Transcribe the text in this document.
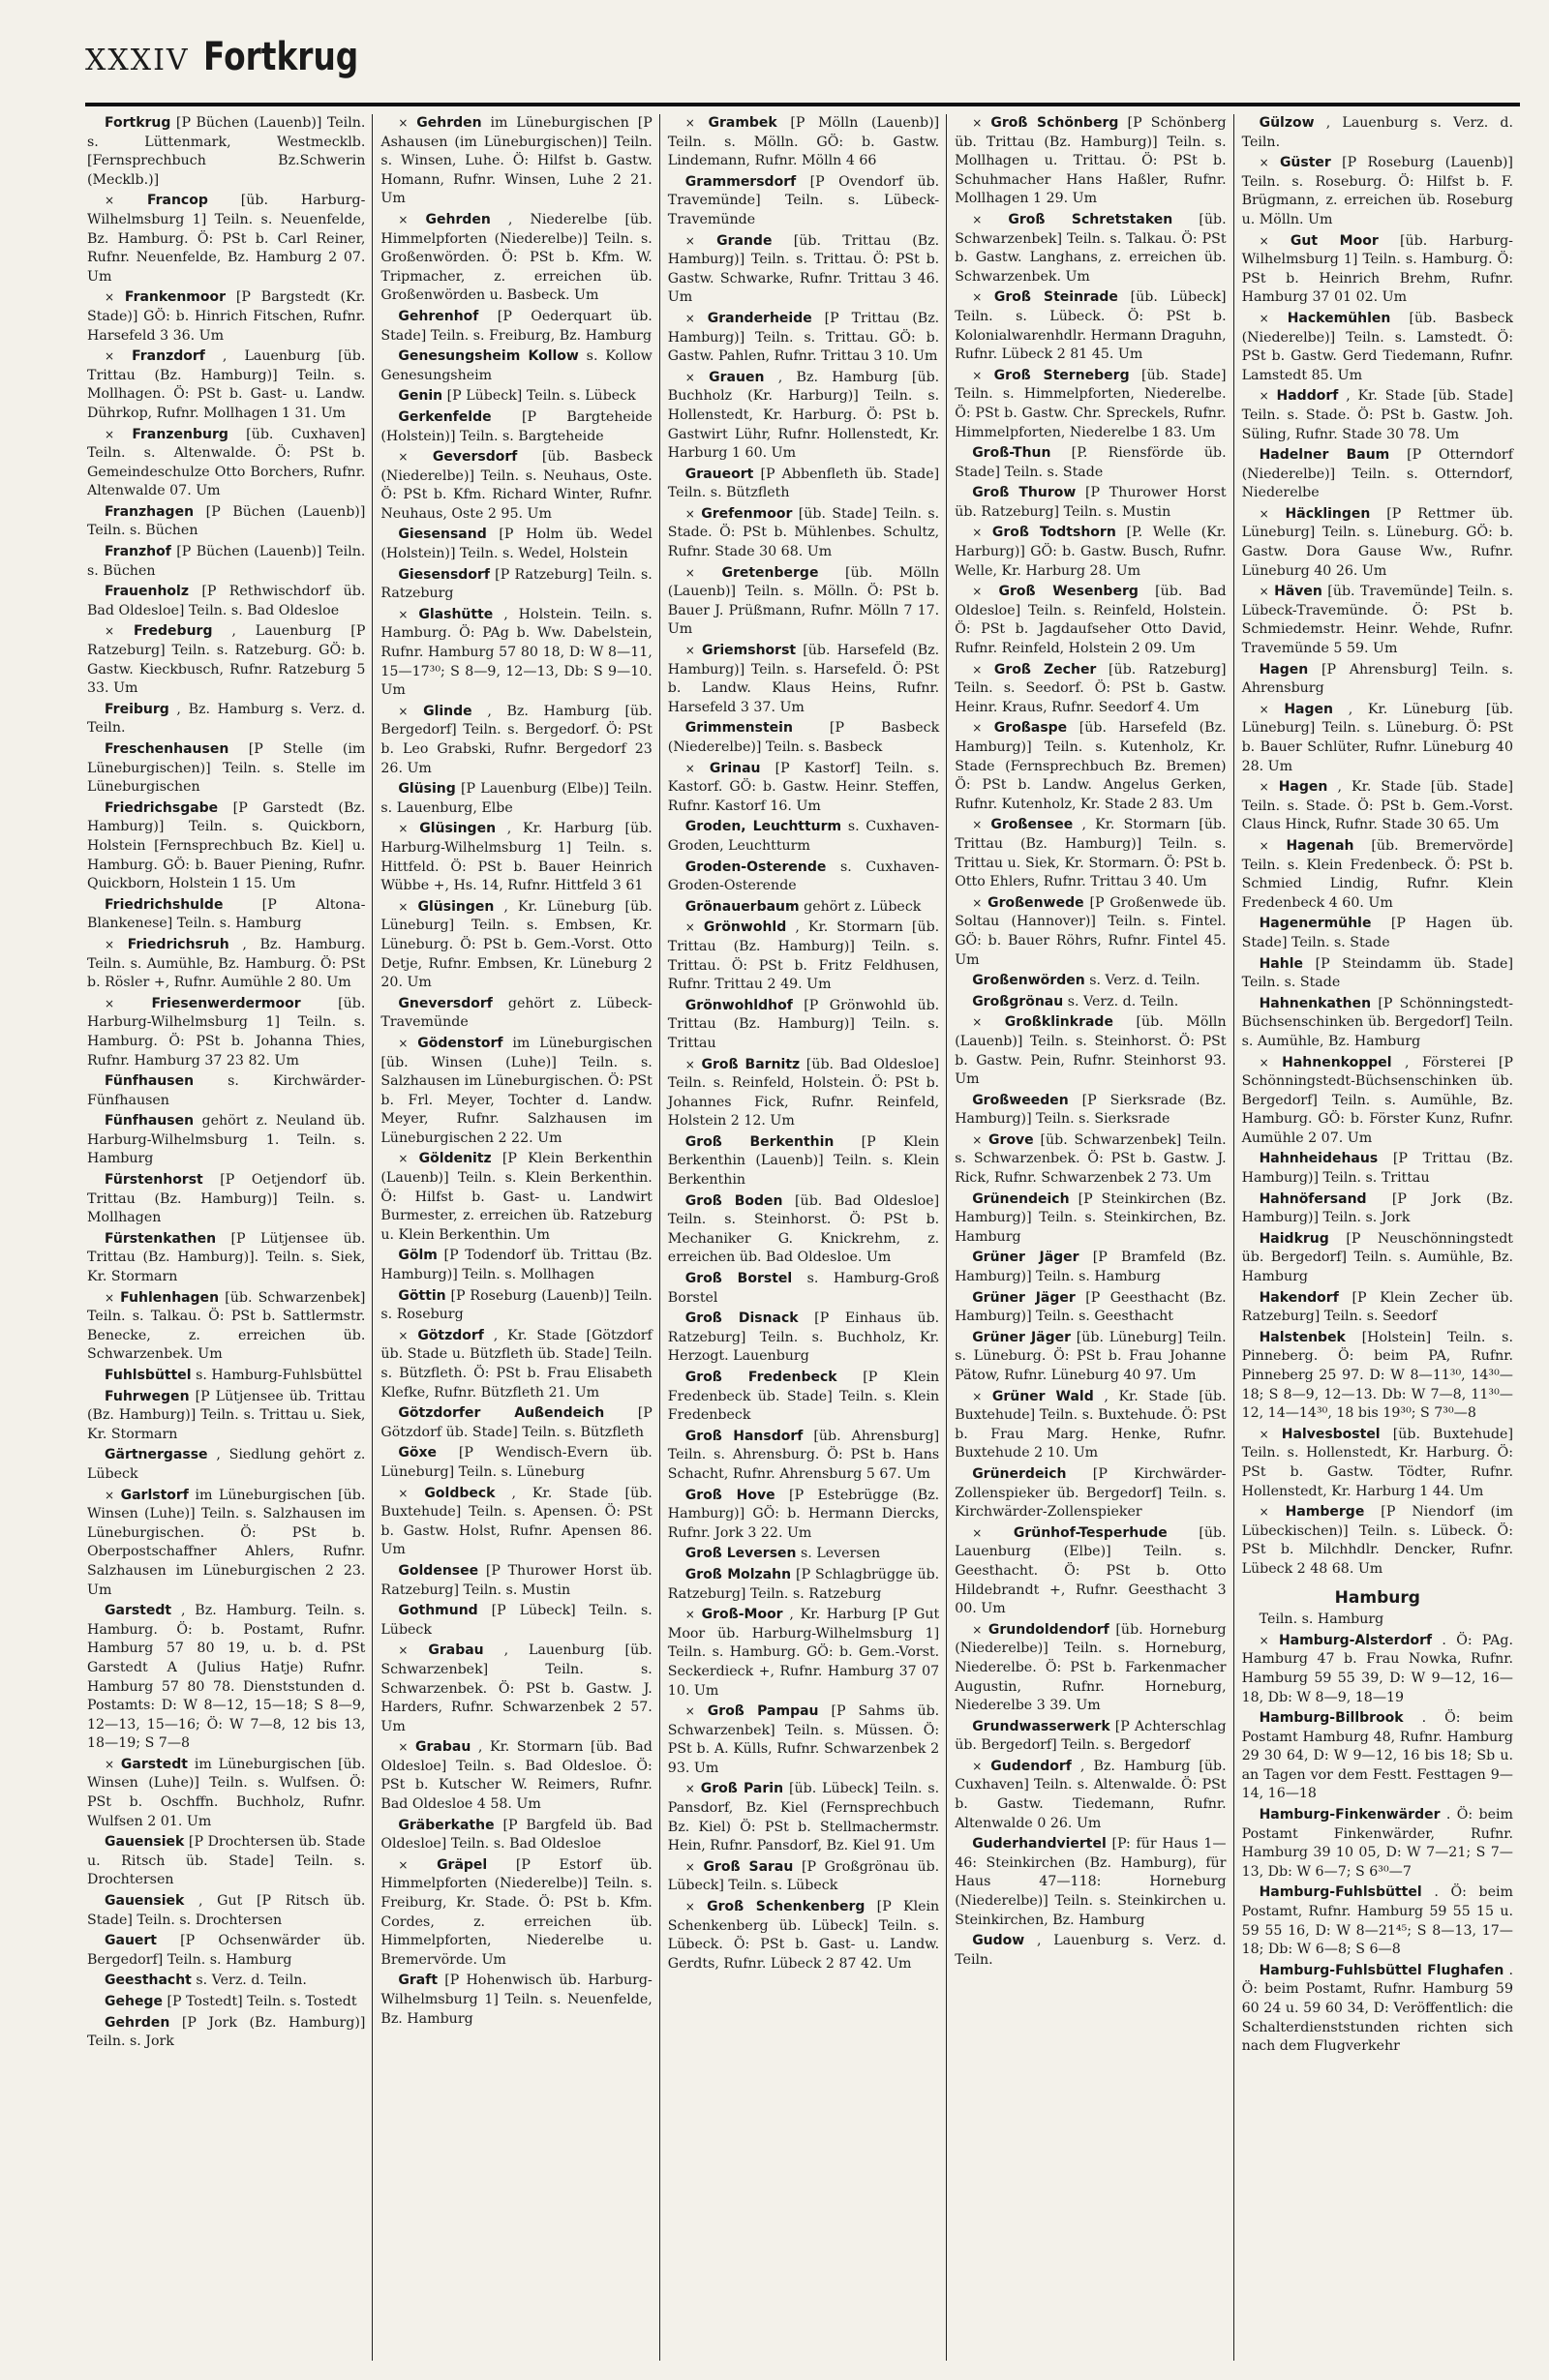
XXXIV Fortkrug

Fortkrug [P Büchen (Lauenb)] Teiln. s. Lüttenmark, Westmecklb. [Fernsprechbuch Bz.Schwerin (Mecklb.)]

× Francop [üb. Harburg-Wilhelmsburg 1] Teiln. s. Neuenfelde, Bz. Hamburg. Ö: PSt b. Carl Reiner, Rufnr. Neuenfelde, Bz. Hamburg 2 07. Um

× Frankenmoor [P Bargstedt (Kr. Stade)] GÖ: b. Hinrich Fitschen, Rufnr. Harsefeld 3 36. Um

× Franzdorf , Lauenburg [üb. Trittau (Bz. Hamburg)] Teiln. s. Mollhagen. Ö: PSt b. Gast- u. Landw. Dührkop, Rufnr. Mollhagen 1 31. Um

× Franzenburg [üb. Cuxhaven] Teiln. s. Altenwalde. Ö: PSt b. Gemeindeschulze Otto Borchers, Rufnr. Altenwalde 07. Um

Franzhagen [P Büchen (Lauenb)] Teiln. s. Büchen

Franzhof [P Büchen (Lauenb)] Teiln. s. Büchen

Frauenholz [P Rethwischdorf üb. Bad Oldesloe] Teiln. s. Bad Oldesloe

× Fredeburg , Lauenburg [P Ratzeburg] Teiln. s. Ratzeburg. GÖ: b. Gastw. Kieckbusch, Rufnr. Ratzeburg 5 33. Um

Freiburg , Bz. Hamburg s. Verz. d. Teiln.

Freschenhausen [P Stelle (im Lüneburgischen)] Teiln. s. Stelle im Lüneburgischen

Friedrichsgabe [P Garstedt (Bz. Hamburg)] Teiln. s. Quickborn, Holstein [Fernsprechbuch Bz. Kiel] u. Hamburg. GÖ: b. Bauer Piening, Rufnr. Quickborn, Holstein 1 15. Um

Friedrichshulde	[P Altona-Blankenese] Teiln. s. Hamburg

× Friedrichsruh , Bz. Hamburg. Teiln. s. Aumühle, Bz. Hamburg. Ö: PSt b. Rösler +, Rufnr. Aumühle 2 80. Um

×	Friesenwerdermoor	[üb. Harburg-Wilhelmsburg 1] Teiln. s. Hamburg. Ö: PSt b. Johanna Thies, Rufnr. Hamburg 37 23 82. Um

Fünfhausen s. Kirchwärder-Fünfhausen

Fünfhausen gehört z. Neuland üb. Harburg-Wilhelmsburg 1. Teiln. s. Hamburg

Fürstenhorst [P Oetjendorf üb. Trittau (Bz. Hamburg)] Teiln. s. Mollhagen

Fürstenkathen [P Lütjensee üb. Trittau (Bz. Hamburg)]. Teiln. s. Siek, Kr. Stormarn

× Fuhlenhagen [üb. Schwarzenbek] Teiln. s. Talkau. Ö: PSt b. Sattlermstr. Benecke, z. erreichen üb. Schwarzenbek. Um

Fuhlsbüttel s. Hamburg-Fuhlsbüttel

Fuhrwegen [P Lütjensee üb. Trittau (Bz. Hamburg)] Teiln. s. Trittau u. Siek, Kr. Stormarn

Gärtnergasse , Siedlung gehört z. Lübeck

× Garlstorf im Lüneburgischen [üb. Winsen (Luhe)] Teiln. s. Salzhausen im Lüneburgischen. Ö: PSt b. Oberpostschaffner Ahlers, Rufnr. Salzhausen im Lüneburgischen 2 23. Um

Garstedt , Bz. Hamburg. Teiln. s. Hamburg. Ö: b. Postamt, Rufnr. Hamburg 57 80 19, u. b. d. PSt Garstedt A (Julius Hatje) Rufnr. Hamburg 57 80 78. Dienststunden d. Postamts: D: W 8—12, 15—18; S 8—9, 12—13, 15—16; Ö: W 7—8, 12 bis 13, 18—19; S 7—8

× Garstedt im Lüneburgischen [üb. Winsen (Luhe)] Teiln. s. Wulfsen. Ö: PSt b. Oschffn. Buchholz, Rufnr. Wulfsen 2 01. Um

Gauensiek [P Drochtersen üb. Stade u. Ritsch üb. Stade] Teiln. s. Drochtersen

Gauensiek , Gut [P Ritsch üb. Stade] Teiln. s. Drochtersen

Gauert [P Ochsenwärder üb. Bergedorf] Teiln. s. Hamburg

Geesthacht s. Verz. d. Teiln.

Gehege [P Tostedt] Teiln. s. Tostedt

Gehrden [P Jork (Bz. Hamburg)] Teiln. s. Jork

× Gehrden im Lüneburgischen [P Ashausen (im Lüneburgischen)] Teiln. s. Winsen, Luhe. Ö: Hilfst b. Gastw. Homann, Rufnr. Winsen, Luhe 2 21. Um

× Gehrden , Niederelbe [üb. Himmelpforten (Niederelbe)] Teiln. s. Großenwörden. Ö: PSt b. Kfm. W. Tripmacher, z. erreichen üb. Großenwörden u. Basbeck. Um

Gehrenhof [P Oederquart üb. Stade] Teiln. s. Freiburg, Bz. Hamburg

Genesungsheim Kollow s. Kollow Genesungsheim

Genin [P Lübeck] Teiln. s. Lübeck

Gerkenfelde [P Bargteheide (Holstein)] Teiln. s. Bargteheide

× Geversdorf [üb. Basbeck (Niederelbe)] Teiln. s. Neuhaus, Oste. Ö: PSt b. Kfm. Richard Winter, Rufnr. Neuhaus, Oste 2 95. Um

Giesensand [P Holm üb. Wedel (Holstein)] Teiln. s. Wedel, Holstein

Giesensdorf [P Ratzeburg] Teiln. s. Ratzeburg

× Glashütte , Holstein. Teiln. s. Hamburg. Ö: PAg b. Ww. Dabelstein, Rufnr. Hamburg 57 80 18, D: W 8—11, 15—17³⁰; S 8—9, 12—13, Db: S 9—10. Um

× Glinde , Bz. Hamburg [üb. Bergedorf] Teiln. s. Bergedorf. Ö: PSt b. Leo Grabski, Rufnr. Bergedorf 23 26. Um

Glüsing [P Lauenburg (Elbe)] Teiln. s. Lauenburg, Elbe

× Glüsingen , Kr. Harburg [üb. Harburg-Wilhelmsburg 1] Teiln. s. Hittfeld. Ö: PSt b. Bauer Heinrich Wübbe +, Hs. 14, Rufnr. Hittfeld 3 61

× Glüsingen , Kr. Lüneburg [üb. Lüneburg] Teiln. s. Embsen, Kr. Lüneburg. Ö: PSt b. Gem.-Vorst. Otto Detje, Rufnr. Embsen, Kr. Lüneburg 2 20. Um

Gneversdorf gehört z. Lübeck-Travemünde

× Gödenstorf im Lüneburgischen [üb. Winsen (Luhe)] Teiln. s. Salzhausen im Lüneburgischen. Ö: PSt b. Frl. Meyer, Tochter d. Landw. Meyer, Rufnr. Salzhausen im Lüneburgischen 2 22. Um

× Göldenitz [P Klein Berkenthin (Lauenb)] Teiln. s. Klein Berkenthin. Ö: Hilfst b. Gast- u. Landwirt Burmester, z. erreichen üb. Ratzeburg u. Klein Berkenthin. Um

Gölm [P Todendorf üb. Trittau (Bz. Hamburg)] Teiln. s. Mollhagen

Göttin [P Roseburg (Lauenb)] Teiln. s. Roseburg

× Götzdorf , Kr. Stade [Götzdorf üb. Stade u. Bützfleth üb. Stade] Teiln. s. Bützfleth. Ö: PSt b. Frau Elisabeth Klefke, Rufnr. Bützfleth 21. Um

Götzdorfer Außendeich [P Götzdorf üb. Stade] Teiln. s. Bützfleth

Göxe [P Wendisch-Evern üb. Lüneburg] Teiln. s. Lüneburg

× Goldbeck , Kr. Stade [üb. Buxtehude] Teiln. s. Apensen. Ö: PSt b. Gastw. Holst, Rufnr. Apensen 86. Um

Goldensee [P Thurower Horst üb. Ratzeburg] Teiln. s. Mustin

Gothmund [P Lübeck] Teiln. s. Lübeck

× Grabau , Lauenburg [üb. Schwarzenbek] Teiln. s. Schwarzenbek. Ö: PSt b. Gastw. J. Harders, Rufnr. Schwarzenbek 2 57. Um

× Grabau , Kr. Stormarn [üb. Bad Oldesloe] Teiln. s. Bad Oldesloe. Ö: PSt b. Kutscher W. Reimers, Rufnr. Bad Oldesloe 4 58. Um

Gräberkathe [P Bargfeld üb. Bad Oldesloe] Teiln. s. Bad Oldesloe

× Gräpel [P Estorf üb. Himmelpforten (Niederelbe)] Teiln. s. Freiburg, Kr. Stade. Ö: PSt b. Kfm. Cordes, z. erreichen üb. Himmelpforten, Niederelbe u. Bremervörde. Um

Graft [P Hohenwisch üb. Harburg-Wilhelmsburg 1] Teiln. s. Neuenfelde, Bz. Hamburg

× Grambek [P Mölln (Lauenb)] Teiln. s. Mölln. GÖ: b. Gastw. Lindemann, Rufnr. Mölln 4 66

Grammersdorf [P Ovendorf üb. Travemünde] Teiln. s. Lübeck-Travemünde

× Grande [üb. Trittau (Bz. Hamburg)] Teiln. s. Trittau. Ö: PSt b. Gastw. Schwarke, Rufnr. Trittau 3 46. Um

× Granderheide [P Trittau (Bz. Hamburg)] Teiln. s. Trittau. GÖ: b. Gastw. Pahlen, Rufnr. Trittau 3 10. Um

× Grauen , Bz. Hamburg [üb. Buchholz (Kr. Harburg)] Teiln. s. Hollenstedt, Kr. Harburg. Ö: PSt b. Gastwirt Lühr, Rufnr. Hollenstedt, Kr. Harburg 1 60. Um

Graueort [P Abbenfleth üb. Stade] Teiln. s. Bützfleth

× Grefenmoor [üb. Stade] Teiln. s. Stade. Ö: PSt b. Mühlenbes. Schultz, Rufnr. Stade 30 68. Um

× Gretenberge [üb. Mölln (Lauenb)] Teiln. s. Mölln. Ö: PSt b. Bauer J. Prüßmann, Rufnr. Mölln 7 17. Um

× Griemshorst [üb. Harsefeld (Bz. Hamburg)] Teiln. s. Harsefeld. Ö: PSt b. Landw. Klaus Heins, Rufnr. Harsefeld 3 37. Um

Grimmenstein	[P Basbeck (Niederelbe)] Teiln. s. Basbeck

× Grinau [P Kastorf] Teiln. s. Kastorf. GÖ: b. Gastw. Heinr. Steffen, Rufnr. Kastorf 16. Um

Groden, Leuchtturm s. Cuxhaven-Groden, Leuchtturm

Groden-Osterende s. Cuxhaven-Groden-Osterende

Grönauerbaum gehört z. Lübeck

× Grönwohld , Kr. Stormarn [üb. Trittau (Bz. Hamburg)] Teiln. s. Trittau. Ö: PSt b. Fritz Feldhusen, Rufnr. Trittau 2 49. Um

Grönwohldhof [P Grönwohld üb. Trittau (Bz. Hamburg)] Teiln. s. Trittau

× Groß Barnitz [üb. Bad Oldesloe] Teiln. s. Reinfeld, Holstein. Ö: PSt b. Johannes Fick, Rufnr. Reinfeld, Holstein 2 12. Um

Groß Berkenthin [P Klein Berkenthin (Lauenb)] Teiln. s. Klein Berkenthin

Groß Boden [üb. Bad Oldesloe] Teiln. s. Steinhorst. Ö: PSt b. Mechaniker G. Knickrehm, z. erreichen üb. Bad Oldesloe. Um

Groß Borstel s. Hamburg-Groß Borstel

Groß Disnack [P Einhaus üb. Ratzeburg] Teiln. s. Buchholz, Kr. Herzogt. Lauenburg

Groß Fredenbeck [P Klein Fredenbeck üb. Stade] Teiln. s. Klein Fredenbeck

Groß Hansdorf [üb. Ahrensburg] Teiln. s. Ahrensburg. Ö: PSt b. Hans Schacht, Rufnr. Ahrensburg 5 67. Um

Groß Hove [P Estebrügge (Bz. Hamburg)] GÖ: b. Hermann Diercks, Rufnr. Jork 3 22. Um

Groß Leversen s. Leversen

Groß Molzahn [P Schlagbrügge üb. Ratzeburg] Teiln. s. Ratzeburg

× Groß-Moor , Kr. Harburg [P Gut Moor üb. Harburg-Wilhelmsburg 1] Teiln. s. Hamburg. GÖ: b. Gem.-Vorst. Seckerdieck +, Rufnr. Hamburg 37 07 10. Um

× Groß Pampau [P Sahms üb. Schwarzenbek] Teiln. s. Müssen. Ö: PSt b. A. Külls, Rufnr. Schwarzenbek 2 93. Um

× Groß Parin [üb. Lübeck] Teiln. s. Pansdorf, Bz. Kiel (Fernsprechbuch Bz. Kiel) Ö: PSt b. Stellmachermstr. Hein, Rufnr. Pansdorf, Bz. Kiel 91. Um

× Groß Sarau [P Großgrönau üb. Lübeck] Teiln. s. Lübeck

× Groß Schenkenberg [P Klein Schenkenberg üb. Lübeck] Teiln. s. Lübeck. Ö: PSt b. Gast- u. Landw. Gerdts, Rufnr. Lübeck 2 87 42. Um

× Groß Schönberg [P Schönberg üb. Trittau (Bz. Hamburg)] Teiln. s. Mollhagen u. Trittau. Ö: PSt b. Schuhmacher Hans Haßler, Rufnr. Mollhagen 1 29. Um

× Groß Schretstaken [üb. Schwarzenbek] Teiln. s. Talkau. Ö: PSt b. Gastw. Langhans, z. erreichen üb. Schwarzenbek. Um

× Groß Steinrade [üb. Lübeck] Teiln. s. Lübeck. Ö: PSt b. Kolonialwarenhdlr. Hermann Draguhn, Rufnr. Lübeck 2 81 45. Um

× Groß Sterneberg [üb. Stade] Teiln. s. Himmelpforten, Niederelbe. Ö: PSt b. Gastw. Chr. Spreckels, Rufnr. Himmelpforten, Niederelbe 1 83. Um

Groß-Thun [P. Riensförde üb. Stade] Teiln. s. Stade

Groß Thurow [P Thurower Horst üb. Ratzeburg] Teiln. s. Mustin

× Groß Todtshorn [P. Welle (Kr. Harburg)] GÖ: b. Gastw. Busch, Rufnr. Welle, Kr. Harburg 28. Um

× Groß Wesenberg [üb. Bad Oldesloe] Teiln. s. Reinfeld, Holstein. Ö: PSt b. Jagdaufseher Otto David, Rufnr. Reinfeld, Holstein 2 09. Um

× Groß Zecher [üb. Ratzeburg] Teiln. s. Seedorf. Ö: PSt b. Gastw. Heinr. Kraus, Rufnr. Seedorf 4. Um

× Großaspe [üb. Harsefeld (Bz. Hamburg)] Teiln. s. Kutenholz, Kr. Stade (Fernsprechbuch Bz. Bremen) Ö: PSt b. Landw. Angelus Gerken, Rufnr. Kutenholz, Kr. Stade 2 83. Um

× Großensee , Kr. Stormarn [üb. Trittau (Bz. Hamburg)] Teiln. s. Trittau u. Siek, Kr. Stormarn. Ö: PSt b. Otto Ehlers, Rufnr. Trittau 3 40. Um

× Großenwede [P Großenwede üb. Soltau (Hannover)] Teiln. s. Fintel. GÖ: b. Bauer Röhrs, Rufnr. Fintel 45. Um

Großenwörden s. Verz. d. Teiln.

Großgrönau s. Verz. d. Teiln.

× Großklinkrade [üb. Mölln (Lauenb)] Teiln. s. Steinhorst. Ö: PSt b. Gastw. Pein, Rufnr. Steinhorst 93. Um

Großweeden [P Sierksrade (Bz. Hamburg)] Teiln. s. Sierksrade

× Grove [üb. Schwarzenbek] Teiln. s. Schwarzenbek. Ö: PSt b. Gastw. J. Rick, Rufnr. Schwarzenbek 2 73. Um

Grünendeich [P Steinkirchen (Bz. Hamburg)] Teiln. s. Steinkirchen, Bz. Hamburg

Grüner Jäger [P Bramfeld (Bz. Hamburg)] Teiln. s. Hamburg

Grüner Jäger [P Geesthacht (Bz. Hamburg)] Teiln. s. Geesthacht

Grüner Jäger [üb. Lüneburg] Teiln. s. Lüneburg. Ö: PSt b. Frau Johanne Pätow, Rufnr. Lüneburg 40 97. Um

× Grüner Wald , Kr. Stade [üb. Buxtehude] Teiln. s. Buxtehude. Ö: PSt b. Frau Marg. Henke, Rufnr. Buxtehude 2 10. Um

Grünerdeich [P Kirchwärder-Zollenspieker üb. Bergedorf] Teiln. s. Kirchwärder-Zollenspieker

× Grünhof-Tesperhude [üb. Lauenburg (Elbe)] Teiln. s. Geesthacht. Ö: PSt b. Otto Hildebrandt +, Rufnr. Geesthacht 3 00. Um

× Grundoldendorf [üb. Horneburg (Niederelbe)] Teiln. s. Horneburg, Niederelbe. Ö: PSt b. Farkenmacher Augustin, Rufnr. Horneburg, Niederelbe 3 39. Um

Grundwasserwerk [P Achterschlag üb. Bergedorf] Teiln. s. Bergedorf

× Gudendorf , Bz. Hamburg [üb. Cuxhaven] Teiln. s. Altenwalde. Ö: PSt b. Gastw. Tiedemann, Rufnr. Altenwalde 0 26. Um

Guderhandviertel [P: für Haus 1—46: Steinkirchen (Bz. Hamburg), für Haus 47—118: Horneburg (Niederelbe)] Teiln. s. Steinkirchen u. Steinkirchen, Bz. Hamburg

Gudow , Lauenburg s. Verz. d. Teiln.

Gülzow , Lauenburg s. Verz. d. Teiln.

× Güster [P Roseburg (Lauenb)] Teiln. s. Roseburg. Ö: Hilfst b. F. Brügmann, z. erreichen üb. Roseburg u. Mölln. Um

× Gut Moor [üb. Harburg-Wilhelmsburg 1] Teiln. s. Hamburg. Ö: PSt b. Heinrich Brehm, Rufnr. Hamburg 37 01 02. Um

× Hackemühlen [üb. Basbeck (Niederelbe)] Teiln. s. Lamstedt. Ö: PSt b. Gastw. Gerd Tiedemann, Rufnr. Lamstedt 85. Um

× Haddorf , Kr. Stade [üb. Stade] Teiln. s. Stade. Ö: PSt b. Gastw. Joh. Süling, Rufnr. Stade 30 78. Um

Hadelner Baum [P Otterndorf (Niederelbe)] Teiln. s. Otterndorf, Niederelbe

× Häcklingen [P Rettmer üb. Lüneburg] Teiln. s. Lüneburg. GÖ: b. Gastw. Dora Gause Ww., Rufnr. Lüneburg 40 26. Um

× Häven [üb. Travemünde] Teiln. s. Lübeck-Travemünde. Ö: PSt b. Schmiedemstr. Heinr. Wehde, Rufnr. Travemünde 5 59. Um

Hagen [P Ahrensburg] Teiln. s. Ahrensburg

× Hagen , Kr. Lüneburg [üb. Lüneburg] Teiln. s. Lüneburg. Ö: PSt b. Bauer Schlüter, Rufnr. Lüneburg 40 28. Um

× Hagen , Kr. Stade [üb. Stade] Teiln. s. Stade. Ö: PSt b. Gem.-Vorst. Claus Hinck, Rufnr. Stade 30 65. Um

× Hagenah [üb. Bremervörde] Teiln. s. Klein Fredenbeck. Ö: PSt b. Schmied Lindig, Rufnr. Klein Fredenbeck 4 60. Um

Hagenermühle [P Hagen üb. Stade] Teiln. s. Stade

Hahle [P Steindamm üb. Stade] Teiln. s. Stade

Hahnenkathen [P Schönningstedt-Büchsenschinken üb. Bergedorf] Teiln. s. Aumühle, Bz. Hamburg

× Hahnenkoppel , Försterei [P Schönningstedt-Büchsenschinken üb. Bergedorf] Teiln. s. Aumühle, Bz. Hamburg. GÖ: b. Förster Kunz, Rufnr. Aumühle 2 07. Um

Hahnheidehaus [P Trittau (Bz. Hamburg)] Teiln. s. Trittau

Hahnöfersand [P Jork (Bz. Hamburg)] Teiln. s. Jork

Haidkrug [P Neuschönningstedt üb. Bergedorf] Teiln. s. Aumühle, Bz. Hamburg

Hakendorf [P Klein Zecher üb. Ratzeburg] Teiln. s. Seedorf

Halstenbek [Holstein] Teiln. s. Pinneberg. Ö: beim PA, Rufnr. Pinneberg 25 97. D: W 8—11³⁰, 14³⁰—18; S 8—9, 12—13. Db: W 7—8, 11³⁰—12, 14—14³⁰, 18 bis 19³⁰; S 7³⁰—8

× Halvesbostel [üb. Buxtehude] Teiln. s. Hollenstedt, Kr. Harburg. Ö: PSt b. Gastw. Tödter, Rufnr. Hollenstedt, Kr. Harburg 1 44. Um

× Hamberge [P Niendorf (im Lübeckischen)] Teiln. s. Lübeck. Ö: PSt b. Milchhdlr. Dencker, Rufnr. Lübeck 2 48 68. Um

Hamburg

Teiln. s. Hamburg

× Hamburg-Alsterdorf . Ö: PAg. Hamburg 47 b. Frau Nowka, Rufnr. Hamburg 59 55 39, D: W 9—12, 16—18, Db: W 8—9, 18—19

Hamburg-Billbrook . Ö: beim Postamt Hamburg 48, Rufnr. Hamburg 29 30 64, D: W 9—12, 16 bis 18; Sb u. an Tagen vor dem Festt. Festtagen 9—14, 16—18

Hamburg-Finkenwärder . Ö: beim Postamt Finkenwärder, Rufnr. Hamburg 39 10 05, D: W 7—21; S 7—13, Db: W 6—7; S 6³⁰—7

Hamburg-Fuhlsbüttel . Ö: beim Postamt, Rufnr. Hamburg 59 55 15 u. 59 55 16, D: W 8—21⁴⁵; S 8—13, 17—18; Db: W 6—8; S 6—8

Hamburg-Fuhlsbüttel Flughafen . Ö: beim Postamt, Rufnr. Hamburg 59 60 24 u. 59 60 34, D: Veröffentlich: die Schalterdienststunden richten sich nach dem Flugverkehr
